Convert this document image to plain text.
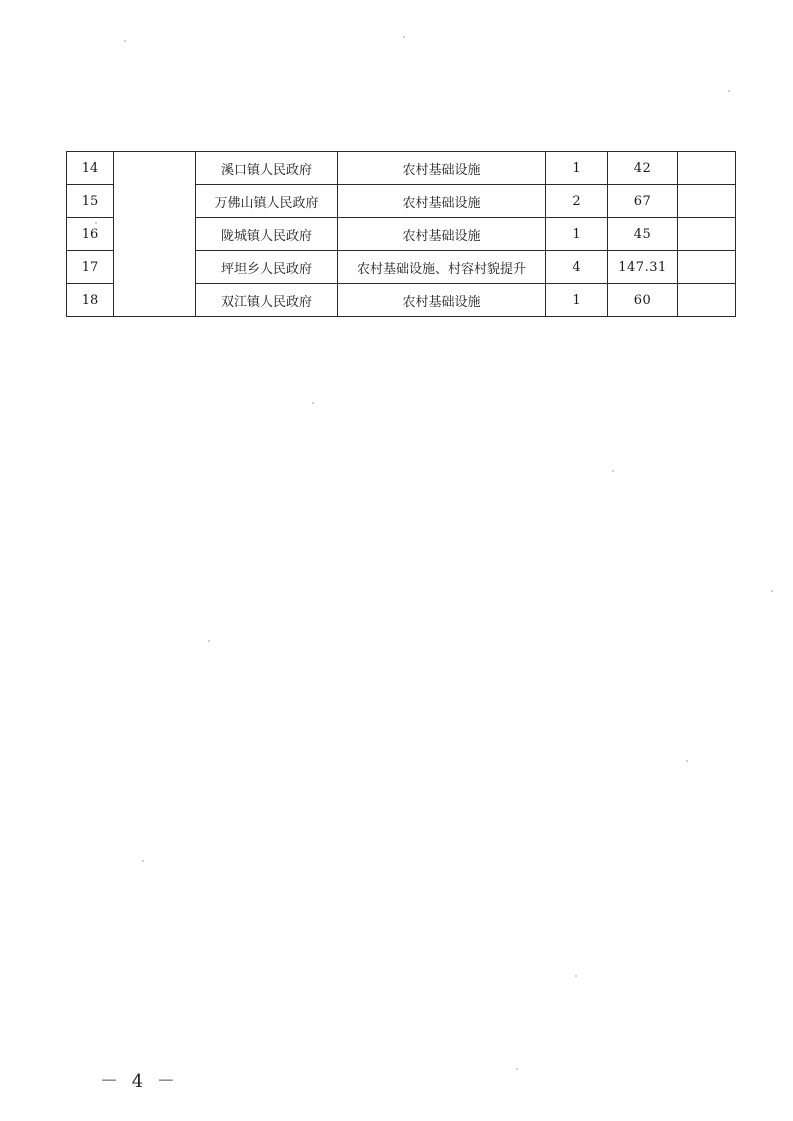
14		溪口镇人民政府	农村基础设施	1	42	
15		万佛山镇人民政府	农村基础设施	2	67	
16		陇城镇人民政府	农村基础设施	1	45	
17		坪坦乡人民政府	农村基础设施、村容村貌提升	4	147.31	
18		双江镇人民政府	农村基础设施	1	60	
－ 4 －
